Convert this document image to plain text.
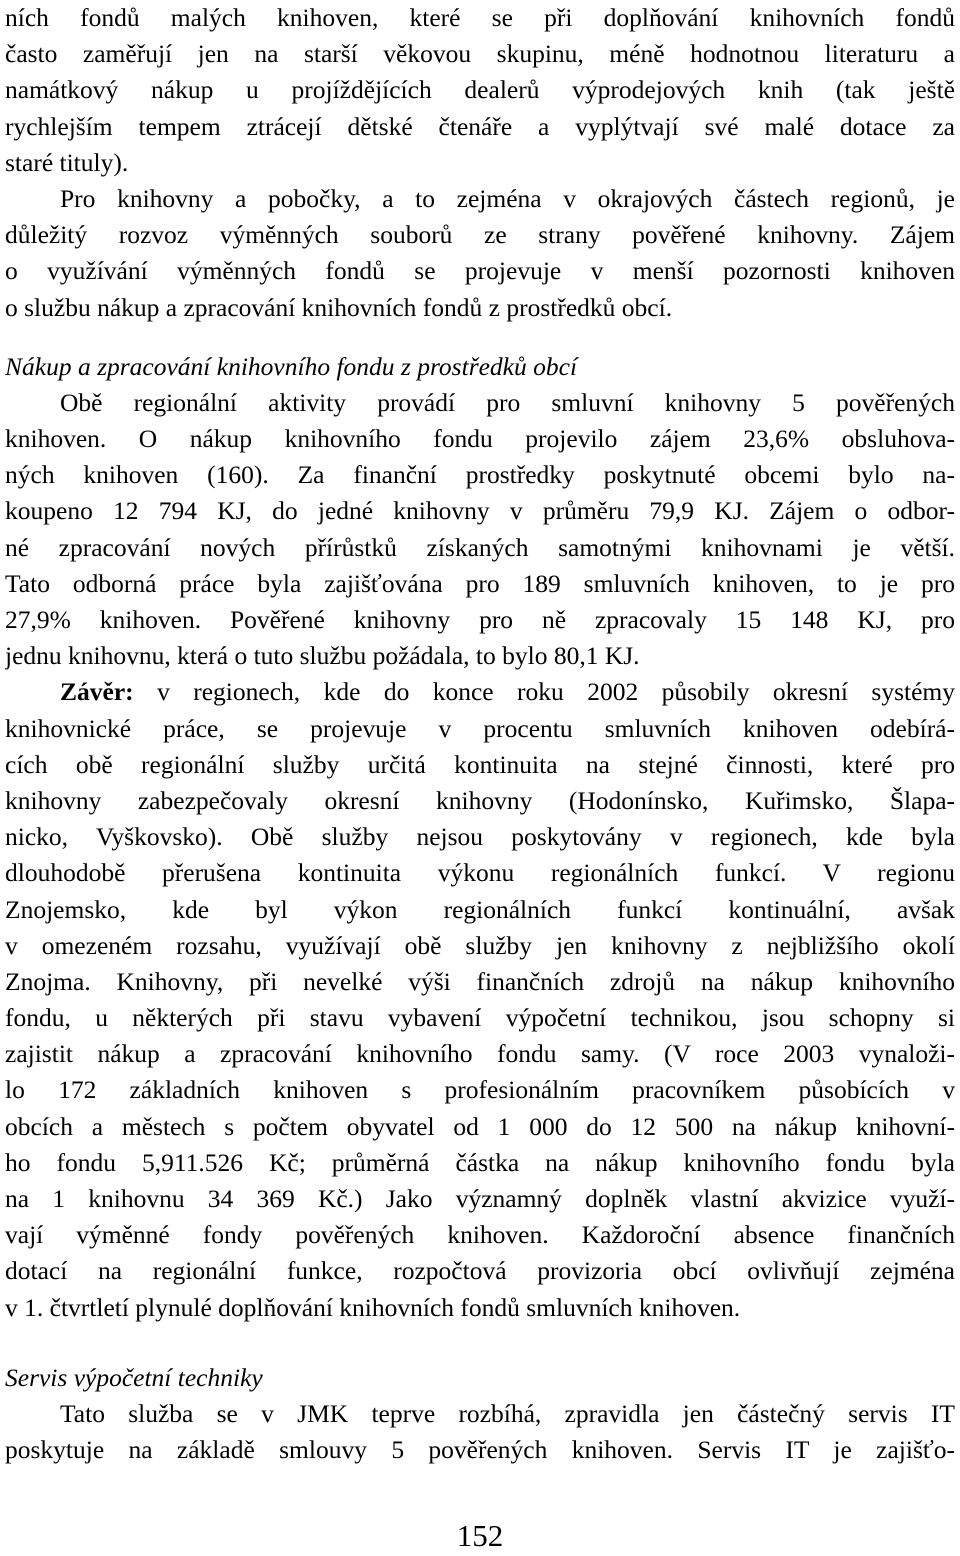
ních fondů malých knihoven, které se při doplňování knihovních fondů
často zaměřují jen na starší věkovou skupinu, méně hodnotnou literaturu a
namátkový nákup u projíždějících dealerů výprodejových knih (tak ještě
rychlejším tempem ztrácejí dětské čtenáře a vyplýtvají své malé dotace za
staré tituly).
Pro knihovny a pobočky, a to zejména v okrajových částech regionů, je
důležitý rozvoz výměnných souborů ze strany pověřené knihovny. Zájem
o využívání výměnných fondů se projevuje v menší pozornosti knihoven
o službu nákup a zpracování knihovních fondů z prostředků obcí.
Nákup a zpracování knihovního fondu z prostředků obcí
Obě regionální aktivity provádí pro smluvní knihovny 5 pověřených
knihoven. O nákup knihovního fondu projevilo zájem 23,6% obsluhova-
ných knihoven (160). Za finanční prostředky poskytnuté obcemi bylo na-
koupeno 12 794 KJ, do jedné knihovny v průměru 79,9 KJ. Zájem o odbor-
né zpracování nových přírůstků získaných samotnými knihovnami je větší.
Tato odborná práce byla zajišťována pro 189 smluvních knihoven, to je pro
27,9% knihoven. Pověřené knihovny pro ně zpracovaly 15 148 KJ, pro
jednu knihovnu, která o tuto službu požádala, to bylo 80,1 KJ.
Závěr: v regionech, kde do konce roku 2002 působily okresní systémy
knihovnické práce, se projevuje v procentu smluvních knihoven odebírá-
cích obě regionální služby určitá kontinuita na stejné činnosti, které pro
knihovny zabezpečovaly okresní knihovny (Hodonínsko, Kuřimsko, Šlapa-
nicko, Vyškovsko). Obě služby nejsou poskytovány v regionech, kde byla
dlouhodobě přerušena kontinuita výkonu regionálních funkcí. V regionu
Znojemsko, kde byl výkon regionálních funkcí kontinuální, avšak
v omezeném rozsahu, využívají obě služby jen knihovny z nejbližšího okolí
Znojma. Knihovny, při nevelké výši finančních zdrojů na nákup knihovního
fondu, u některých při stavu vybavení výpočetní technikou, jsou schopny si
zajistit nákup a zpracování knihovního fondu samy. (V roce 2003 vynaloži-
lo 172 základních knihoven s profesionálním pracovníkem působících v
obcích a městech s počtem obyvatel od 1 000 do 12 500 na nákup knihovní-
ho fondu 5,911.526 Kč; průměrná částka na nákup knihovního fondu byla
na 1 knihovnu 34 369 Kč.) Jako významný doplněk vlastní akvizice využí-
vají výměnné fondy pověřených knihoven. Každoroční absence finančních
dotací na regionální funkce, rozpočtová provizoria obcí ovlivňují zejména
v 1. čtvrtletí plynulé doplňování knihovních fondů smluvních knihoven.
Servis výpočetní techniky
Tato služba se v JMK teprve rozbíhá, zpravidla jen částečný servis IT
poskytuje na základě smlouvy 5 pověřených knihoven. Servis IT je zajišťo-
152
